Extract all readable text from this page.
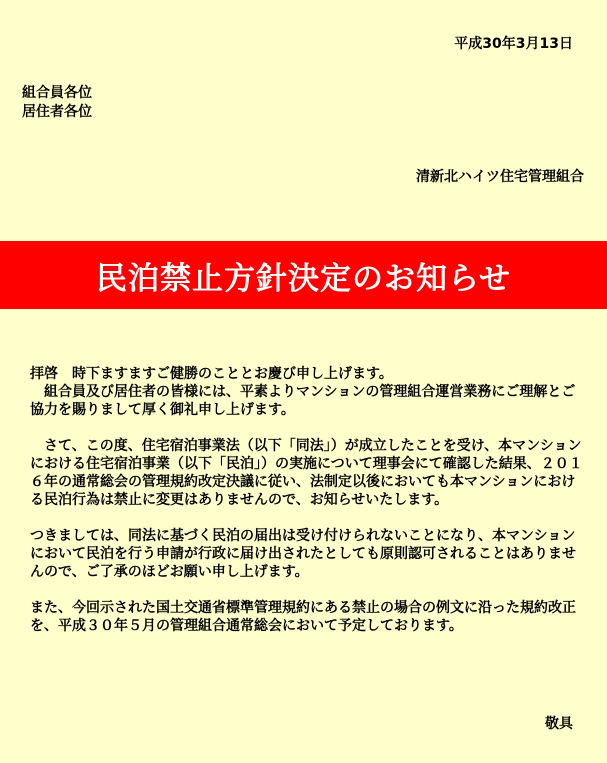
平成30年3月13日
組合員各位
居住者各位
清新北ハイツ住宅管理組合
民泊禁止方針決定のお知らせ

拝啓　時下ますますご健勝のこととお慶び申し上げます。

　組合員及び居住者の皆様には、平素よりマンションの管理組合運営業務にご理解とご協力を賜りまして厚く御礼申し上げます。

　さて、この度、住宅宿泊事業法（以下「同法」）が成立したことを受け、本マンションにおける住宅宿泊事業（以下「民泊」）の実施について理事会にて確認した結果、２０１６年の通常総会の管理規約改定決議に従い、法制定以後においても本マンションにおける民泊行為は禁止に変更はありませんので、お知らせいたします。

つきましては、同法に基づく民泊の届出は受け付けられないことになり、本マンションにおいて民泊を行う申請が行政に届け出されたとしても原則認可されることはありませんので、ご了承のほどお願い申し上げます。

また、今回示された国土交通省標準管理規約にある禁止の場合の例文に沿った規約改正を、平成３０年５月の管理組合通常総会において予定しております。

敬具
